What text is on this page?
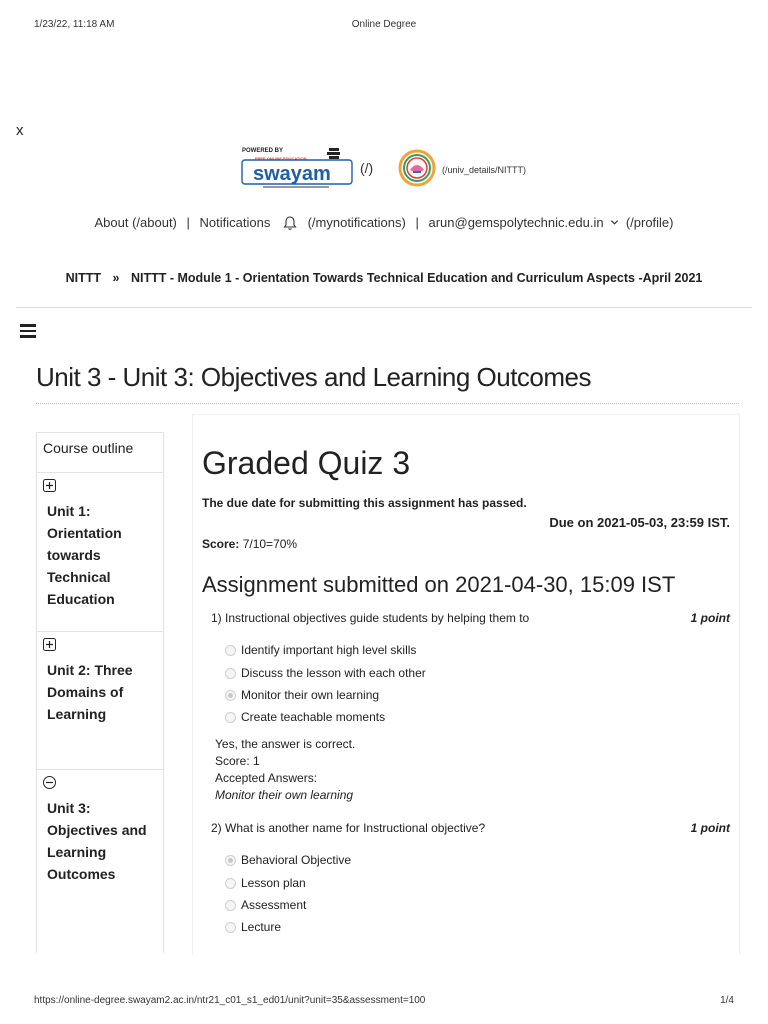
1/23/22, 11:18 AM	Online Degree
x
POWERED BY
FREE ONLINE EDUCATION
swayam (/)	(/univ_details/NITTT)
About (/about) | Notifications	(/mynotifications) | arun@gemspolytechnic.edu.in (/profile)
NITTT » NITTT - Module 1 - Orientation Towards Technical Education and Curriculum Aspects -April 2021
Unit 3 - Unit 3: Objectives and Learning Outcomes
Course outline
Unit 1: Orientation towards Technical Education
Unit 2: Three Domains of Learning
Unit 3: Objectives and Learning Outcomes
Graded Quiz 3
The due date for submitting this assignment has passed.
Due on 2021-05-03, 23:59 IST.
Score: 7/10=70%
Assignment submitted on 2021-04-30, 15:09 IST
1) Instructional objectives guide students by helping them to	1 point
Identify important high level skills
Discuss the lesson with each other
Monitor their own learning
Create teachable moments
Yes, the answer is correct.
Score: 1
Accepted Answers:
Monitor their own learning
2) What is another name for Instructional objective?	1 point
Behavioral Objective
Lesson plan
Assessment
Lecture
https://online-degree.swayam2.ac.in/ntr21_c01_s1_ed01/unit?unit=35&assessment=100	1/4
